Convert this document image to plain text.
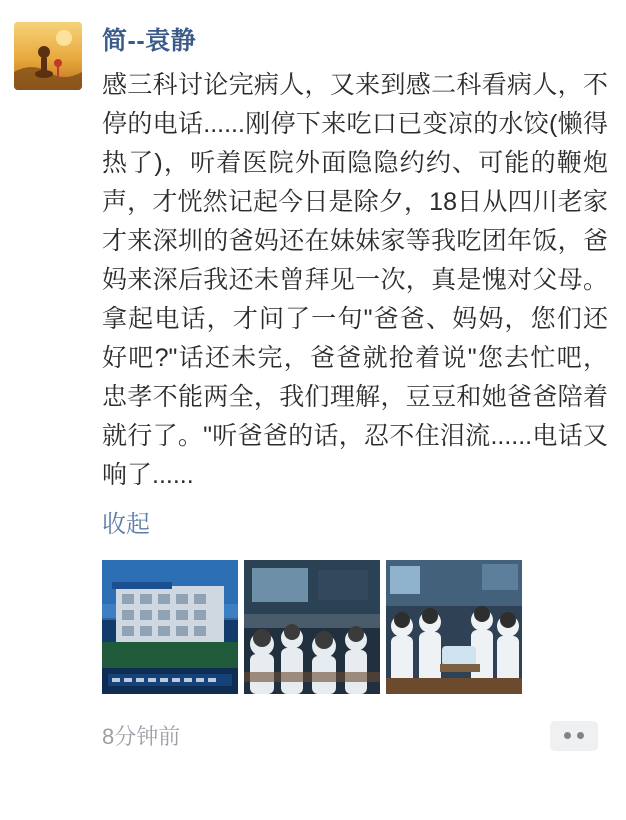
简--袁静
感三科讨论完病人，又来到感二科看病人，不停的电话......刚停下来吃口已变凉的水饺(懒得热了)，听着医院外面隐隐约约、可能的鞭炮声，才恍然记起今日是除夕，18日从四川老家才来深圳的爸妈还在妹妹家等我吃团年饭，爸妈来深后我还未曾拜见一次，真是愧对父母。拿起电话，才问了一句"爸爸、妈妈，您们还好吧?"话还未完，爸爸就抢着说"您去忙吧，忠孝不能两全，我们理解，豆豆和她爸爸陪着就行了。"听爸爸的话，忍不住泪流......电话又响了......
收起
8分钟前
